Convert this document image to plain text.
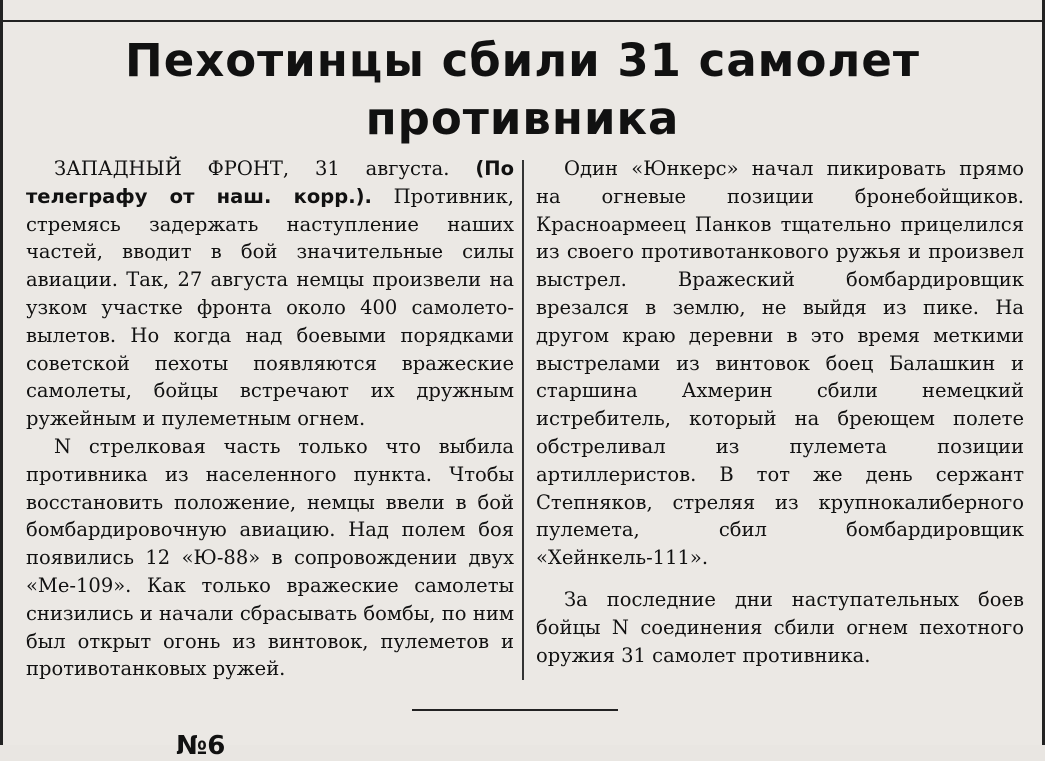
Пехотинцы сбили 31 самолет
противника

ЗАПАДНЫЙ ФРОНТ, 31 августа. (По телеграфу от наш. корр.). Противник, стремясь задержать наступление наших частей, вводит в бой значительные силы авиации. Так, 27 августа немцы произвели на узком участке фронта около 400 самолето-вылетов. Но когда над боевыми порядками советской пехоты появляются вражеские самолеты, бойцы встречают их дружным ружейным и пулеметным огнем.

N стрелковая часть только что выбила противника из населенного пункта. Чтобы восстановить положение, немцы ввели в бой бомбардировочную авиацию. Над полем боя появились 12 «Ю-88» в сопровождении двух «Ме-109». Как только вражеские самолеты снизились и начали сбрасывать бомбы, по ним был открыт огонь из винтовок, пулеметов и противотанковых ружей.

Один «Юнкерс» начал пикировать прямо на огневые позиции бронебойщиков. Красноармеец Панков тщательно прицелился из своего противотанкового ружья и произвел выстрел. Вражеский бомбардировщик врезался в землю, не выйдя из пике. На другом краю деревни в это время меткими выстрелами из винтовок боец Балашкин и старшина Ахмерин сбили немецкий истребитель, который на бреющем полете обстреливал из пулемета позиции артиллеристов. В тот же день сержант Степняков, стреляя из крупнокалиберного пулемета, сбил бомбардировщик «Хейнкель-111».

За последние дни наступательных боев бойцы N соединения сбили огнем пехотного оружия 31 самолет противника.

№6
